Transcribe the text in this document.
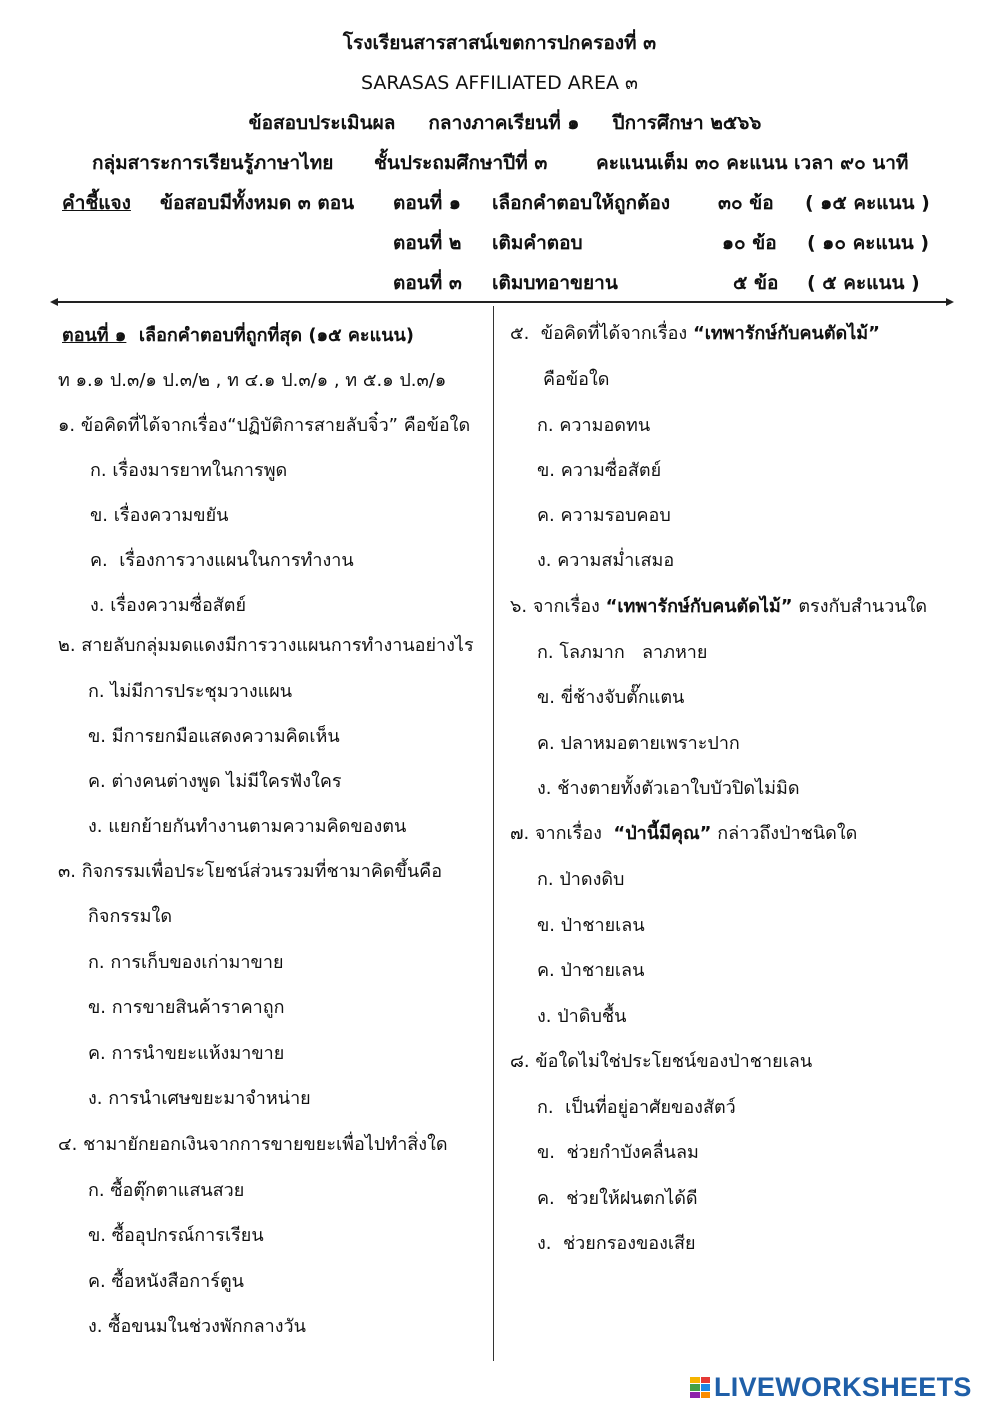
โรงเรียนสารสาสน์เขตการปกครองที่ ๓
SARASAS AFFILIATED AREA ๓
ข้อสอบประเมินผล     กลางภาคเรียนที่ ๑     ปีการศึกษา ๒๕๖๖
กลุ่มสาระการเรียนรู้ภาษาไทย ชั้นประถมศึกษาปีที่ ๓	คะแนนเต็ม ๓๐ คะแนน เวลา ๙๐ นาที
คำชี้แจง ข้อสอบมีทั้งหมด ๓ ตอน ตอนที่ ๑ เลือกคำตอบให้ถูกต้อง	๓๐ ข้อ ( ๑๕ คะแนน )
ตอนที่ ๒ เติมคำตอบ	๑๐ ข้อ ( ๑๐ คะแนน )
ตอนที่ ๓ เติมบทอาขยาน	๕ ข้อ ( ๕ คะแนน )
ตอนที่ ๑  เลือกคำตอบที่ถูกที่สุด (๑๕ คะแนน)
ท ๑.๑ ป.๓/๑ ป.๓/๒ , ท ๔.๑ ป.๓/๑ , ท ๕.๑ ป.๓/๑
๑. ข้อคิดที่ได้จากเรื่อง“ปฏิบัติการสายลับจิ๋ว” คือข้อใด
ก. เรื่องมารยาทในการพูด
ข. เรื่องความขยัน
ค.  เรื่องการวางแผนในการทำงาน
ง. เรื่องความซื่อสัตย์
๒. สายลับกลุ่มมดแดงมีการวางแผนการทำงานอย่างไร
ก. ไม่มีการประชุมวางแผน
ข. มีการยกมือแสดงความคิดเห็น
ค. ต่างคนต่างพูด ไม่มีใครฟังใคร
ง. แยกย้ายกันทำงานตามความคิดของตน
๓. กิจกรรมเพื่อประโยชน์ส่วนรวมที่ชามาคิดขึ้นคือ
กิจกรรมใด
ก. การเก็บของเก่ามาขาย
ข. การขายสินค้าราคาถูก
ค. การนำขยะแห้งมาขาย
ง. การนำเศษขยะมาจำหน่าย
๔. ชามายักยอกเงินจากการขายขยะเพื่อไปทำสิ่งใด
ก. ซื้อตุ๊กตาแสนสวย
ข. ซื้ออุปกรณ์การเรียน
ค. ซื้อหนังสือการ์ตูน
ง. ซื้อขนมในช่วงพักกลางวัน
๕.  ข้อคิดที่ได้จากเรื่อง “เทพารักษ์กับคนตัดไม้”
คือข้อใด
ก. ความอดทน
ข. ความซื่อสัตย์
ค. ความรอบคอบ
ง. ความสม่ำเสมอ
๖. จากเรื่อง “เทพารักษ์กับคนตัดไม้” ตรงกับสำนวนใด
ก. โลภมาก   ลาภหาย
ข. ขี่ช้างจับตั๊กแตน
ค. ปลาหมอตายเพราะปาก
ง. ช้างตายทั้งตัวเอาใบบัวปิดไม่มิด
๗. จากเรื่อง  “ป่านี้มีคุณ” กล่าวถึงป่าชนิดใด
ก. ป่าดงดิบ
ข. ป่าชายเลน
ค. ป่าชายเลน
ง. ป่าดิบชื้น
๘. ข้อใดไม่ใช่ประโยชน์ของป่าชายเลน
ก.  เป็นที่อยู่อาศัยของสัตว์
ข.  ช่วยกำบังคลื่นลม
ค.  ช่วยให้ฝนตกได้ดี
ง.  ช่วยกรองของเสีย
LIVEWORKSHEETS
